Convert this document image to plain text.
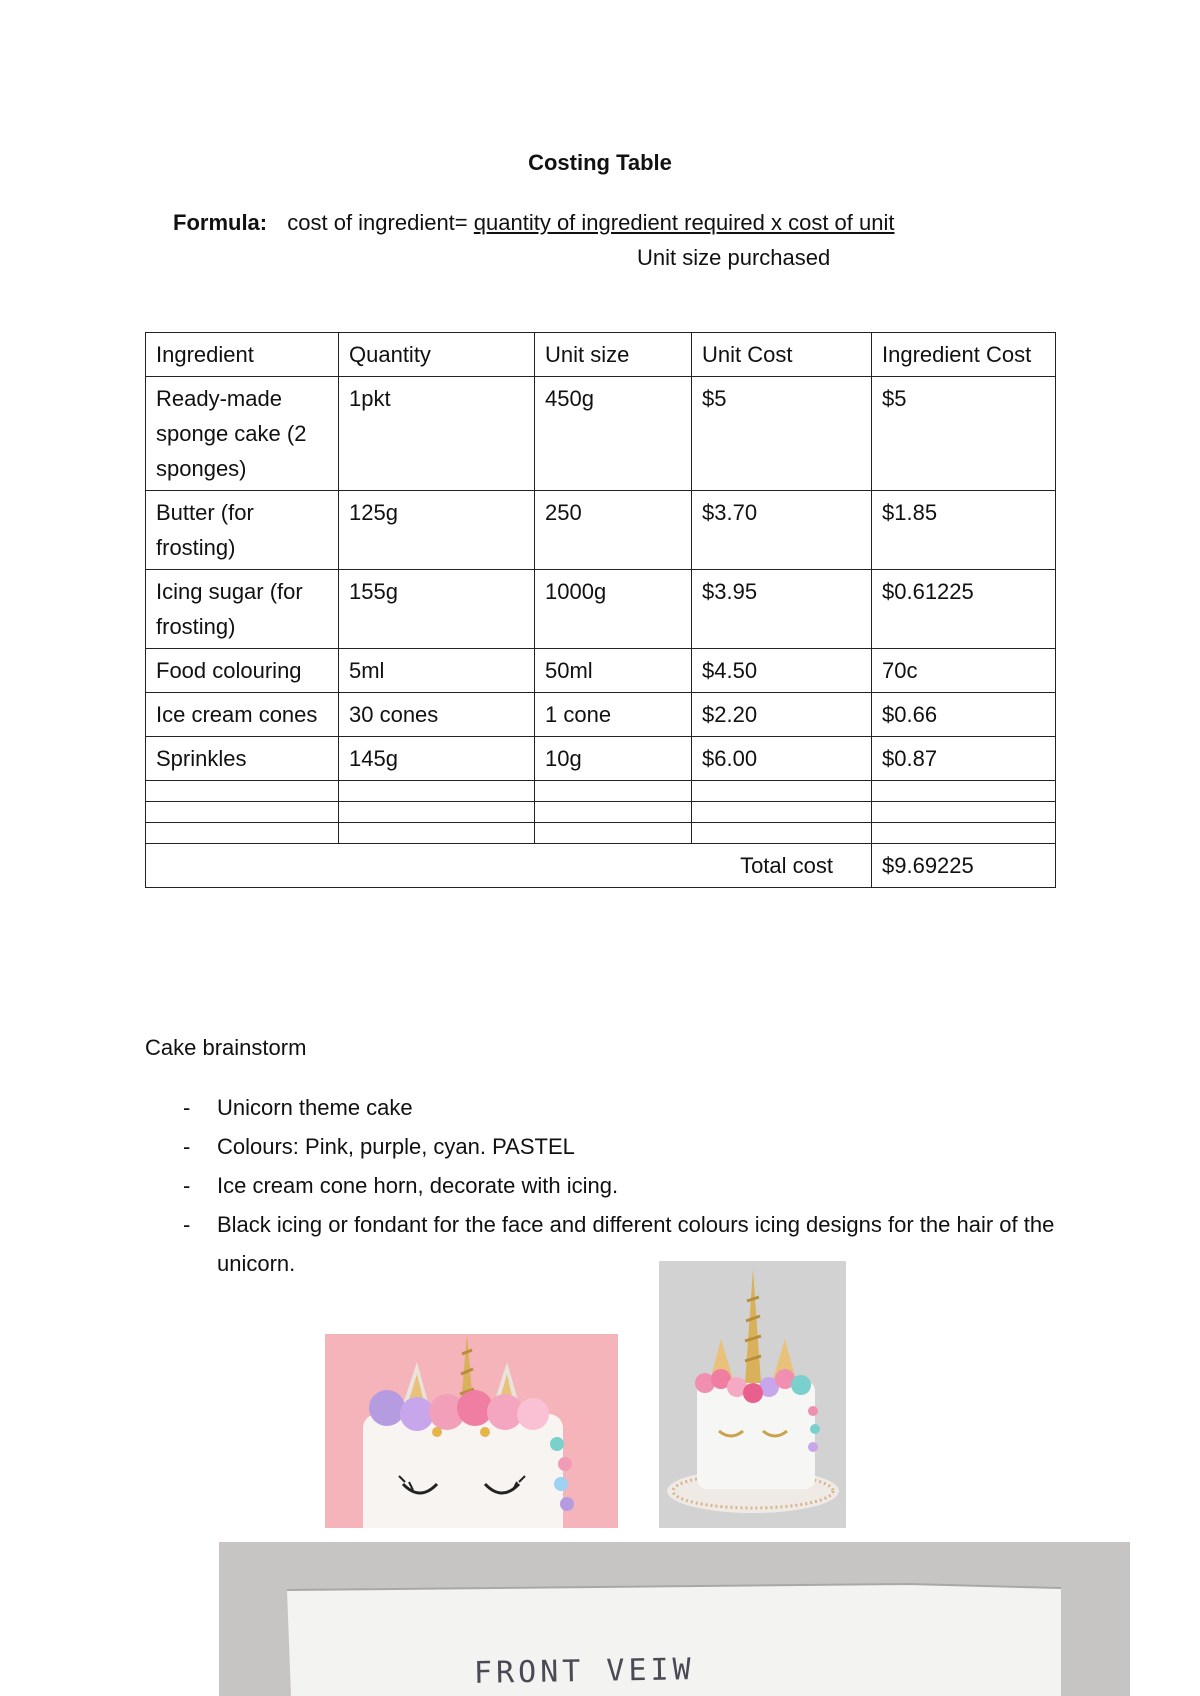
Costing Table
Formula: cost of ingredient= quantity of ingredient required x cost of unit
Unit size purchased
Ingredient	Quantity	Unit size	Unit Cost	Ingredient Cost
Ready-made sponge cake (2 sponges)	1pkt	450g	$5	$5
Butter (for frosting)	125g	250	$3.70	$1.85
Icing sugar (for frosting)	155g	1000g	$3.95	$0.61225
Food colouring	5ml	50ml	$4.50	70c
Ice cream cones	30 cones	1 cone	$2.20	$0.66
Sprinkles	145g	10g	$6.00	$0.87

Total cost				$9.69225
Cake brainstorm
- Unicorn theme cake
- Colours: Pink, purple, cyan. PASTEL
- Ice cream cone horn, decorate with icing.
- Black icing or fondant for the face and different colours icing designs for the hair of the unicorn.
FRONT VEIW
